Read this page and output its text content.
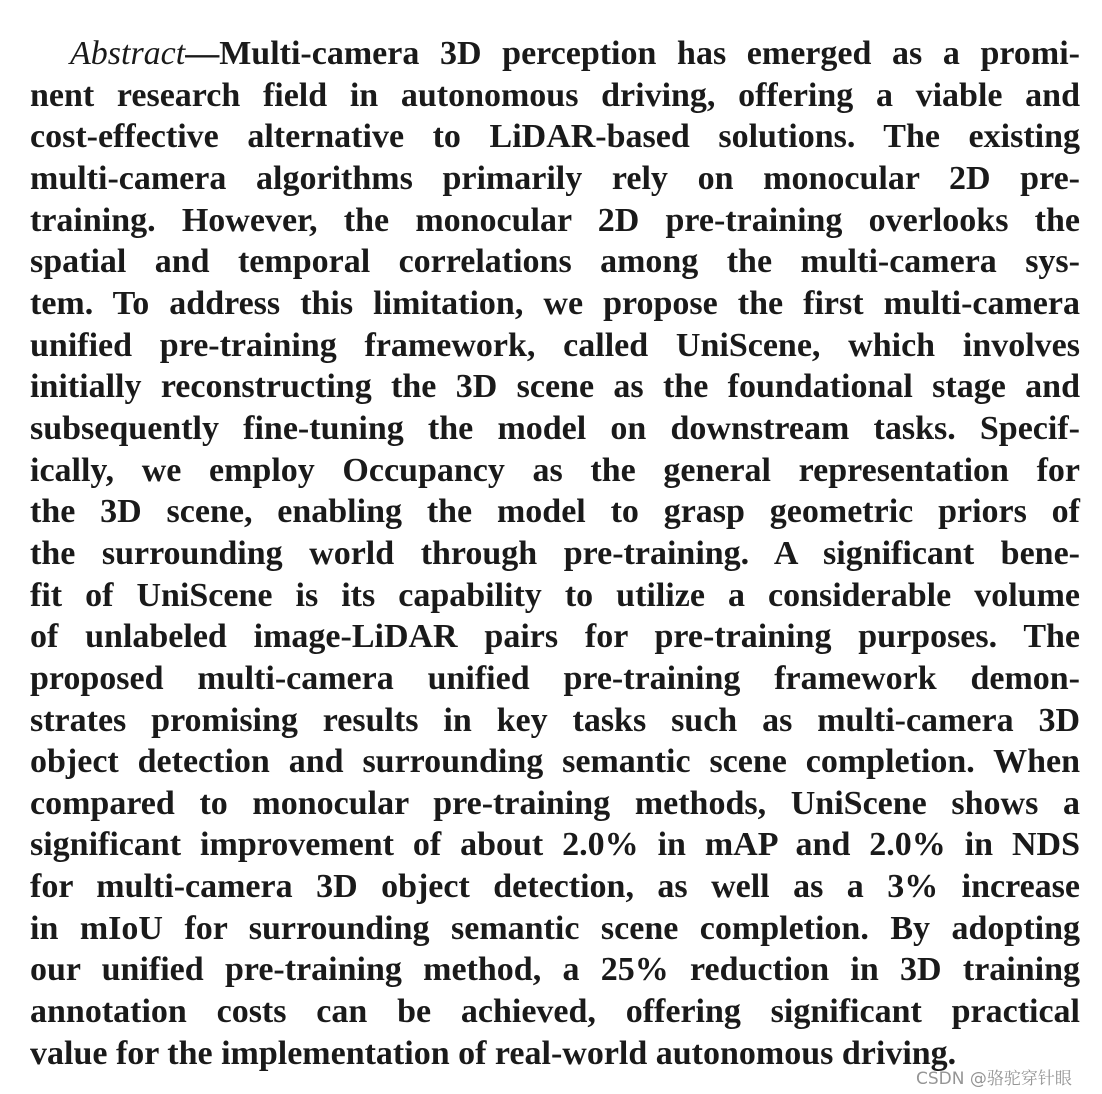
Abstract—Multi-camera 3D perception has emerged as a promi-
nent research field in autonomous driving, offering a viable and
cost-effective alternative to LiDAR-based solutions. The existing
multi-camera algorithms primarily rely on monocular 2D pre-
training. However, the monocular 2D pre-training overlooks the
spatial and temporal correlations among the multi-camera sys-
tem. To address this limitation, we propose the first multi-camera
unified pre-training framework, called UniScene, which involves
initially reconstructing the 3D scene as the foundational stage and
subsequently fine-tuning the model on downstream tasks. Specif-
ically, we employ Occupancy as the general representation for
the 3D scene, enabling the model to grasp geometric priors of
the surrounding world through pre-training. A significant bene-
fit of UniScene is its capability to utilize a considerable volume
of unlabeled image-LiDAR pairs for pre-training purposes. The
proposed multi-camera unified pre-training framework demon-
strates promising results in key tasks such as multi-camera 3D
object detection and surrounding semantic scene completion. When
compared to monocular pre-training methods, UniScene shows a
significant improvement of about 2.0% in mAP and 2.0% in NDS
for multi-camera 3D object detection, as well as a 3% increase
in mIoU for surrounding semantic scene completion. By adopting
our unified pre-training method, a 25% reduction in 3D training
annotation costs can be achieved, offering significant practical
value for the implementation of real-world autonomous driving.
CSDN @骆驼穿针眼
